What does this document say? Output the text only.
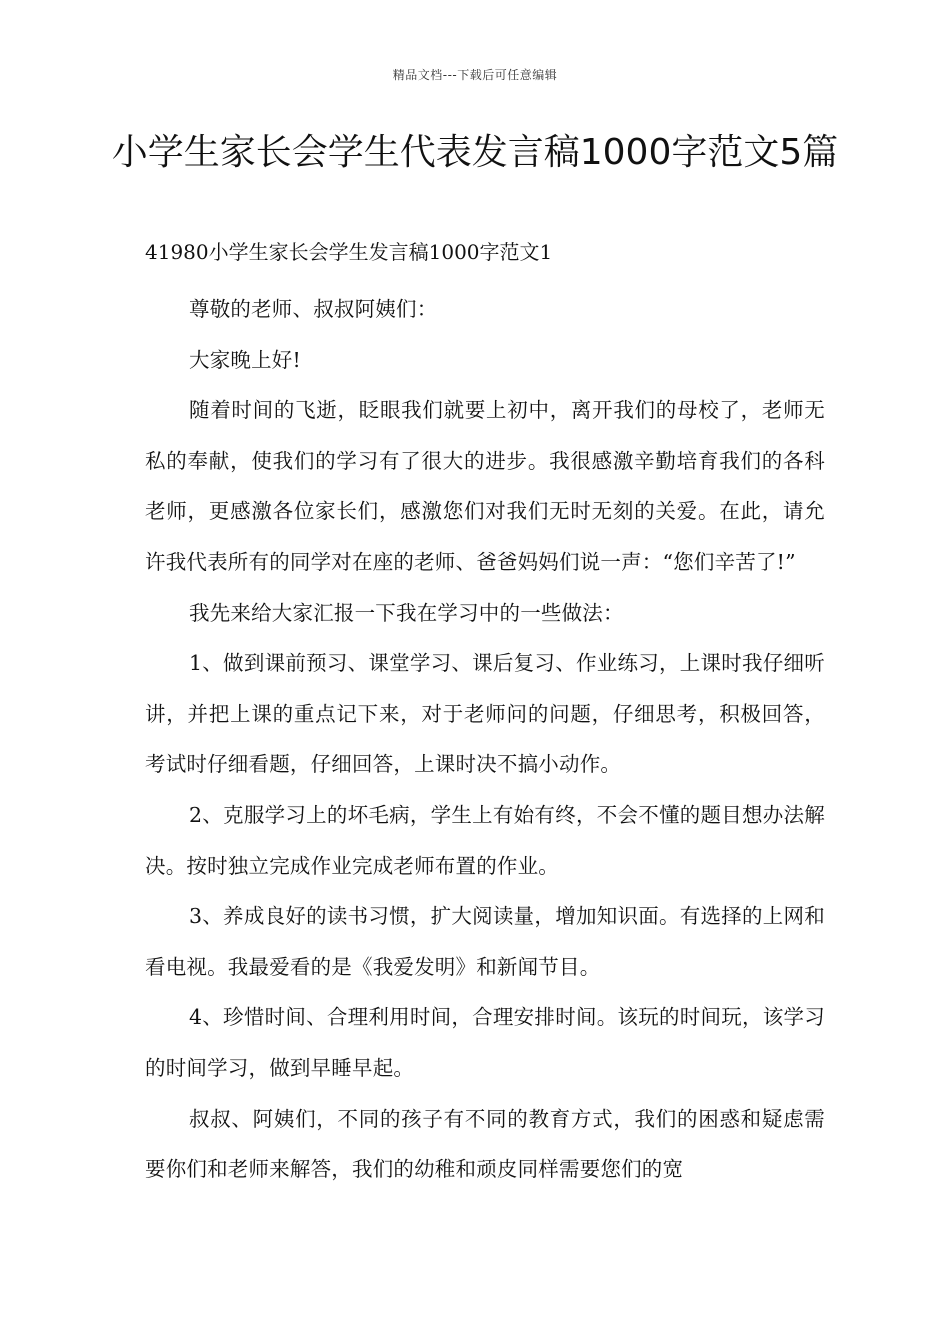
精品文档---下载后可任意编辑
小学生家长会学生代表发言稿1000字范文5篇

41980小学生家长会学生发言稿1000字范文1

尊敬的老师、叔叔阿姨们：

大家晚上好!

随着时间的飞逝，眨眼我们就要上初中，离开我们的母校了，老师无私的奉献，使我们的学习有了很大的进步。我很感激辛勤培育我们的各科老师，更感激各位家长们，感激您们对我们无时无刻的关爱。在此，请允许我代表所有的同学对在座的老师、爸爸妈妈们说一声：“您们辛苦了!”

我先来给大家汇报一下我在学习中的一些做法：

1、做到课前预习、课堂学习、课后复习、作业练习，上课时我仔细听讲，并把上课的重点记下来，对于老师问的问题，仔细思考，积极回答，考试时仔细看题，仔细回答，上课时决不搞小动作。

2、克服学习上的坏毛病，学生上有始有终，不会不懂的题目想办法解决。按时独立完成作业完成老师布置的作业。

3、养成良好的读书习惯，扩大阅读量，增加知识面。有选择的上网和看电视。我最爱看的是《我爱发明》和新闻节目。

4、珍惜时间、合理利用时间，合理安排时间。该玩的时间玩，该学习的时间学习，做到早睡早起。

叔叔、阿姨们，不同的孩子有不同的教育方式，我们的困惑和疑虑需要你们和老师来解答，我们的幼稚和顽皮同样需要您们的宽
